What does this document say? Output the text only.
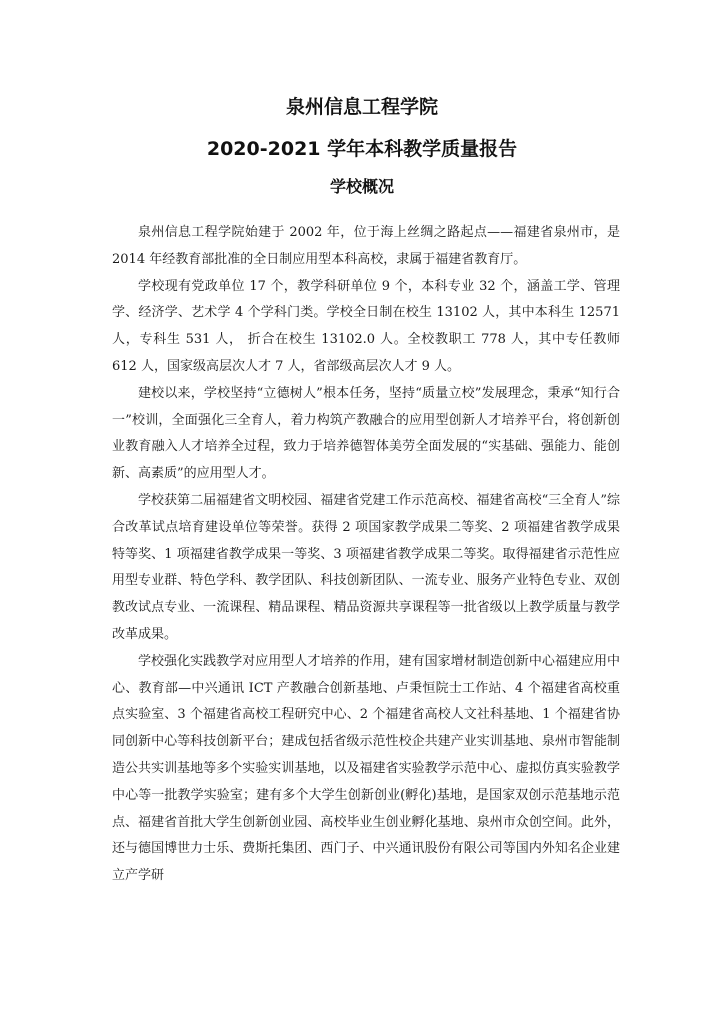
泉州信息工程学院
2020-2021 学年本科教学质量报告
学校概况

泉州信息工程学院始建于 2002 年，位于海上丝绸之路起点——福建省泉州市，是 2014 年经教育部批准的全日制应用型本科高校，隶属于福建省教育厅。

学校现有党政单位 17 个，教学科研单位 9 个，本科专业 32 个，涵盖工学、管理学、经济学、艺术学 4 个学科门类。学校全日制在校生 13102 人，其中本科生 12571 人，专科生 531 人， 折合在校生 13102.0 人。全校教职工 778 人，其中专任教师 612 人，国家级高层次人才 7 人，省部级高层次人才 9 人。

建校以来，学校坚持“立德树人”根本任务，坚持“质量立校”发展理念，秉承“知行合一”校训，全面强化三全育人，着力构筑产教融合的应用型创新人才培养平台，将创新创业教育融入人才培养全过程，致力于培养德智体美劳全面发展的“实基础、强能力、能创新、高素质”的应用型人才。

学校获第二届福建省文明校园、福建省党建工作示范高校、福建省高校“三全育人”综合改革试点培育建设单位等荣誉。获得 2 项国家教学成果二等奖、2 项福建省教学成果特等奖、1 项福建省教学成果一等奖、3 项福建省教学成果二等奖。取得福建省示范性应用型专业群、特色学科、教学团队、科技创新团队、一流专业、服务产业特色专业、双创教改试点专业、一流课程、精品课程、精品资源共享课程等一批省级以上教学质量与教学改革成果。

学校强化实践教学对应用型人才培养的作用，建有国家增材制造创新中心福建应用中心、教育部—中兴通讯 ICT 产教融合创新基地、卢秉恒院士工作站、4 个福建省高校重点实验室、3 个福建省高校工程研究中心、2 个福建省高校人文社科基地、1 个福建省协同创新中心等科技创新平台；建成包括省级示范性校企共建产业实训基地、泉州市智能制造公共实训基地等多个实验实训基地，以及福建省实验教学示范中心、虚拟仿真实验教学中心等一批教学实验室；建有多个大学生创新创业(孵化)基地，是国家双创示范基地示范点、福建省首批大学生创新创业园、高校毕业生创业孵化基地、泉州市众创空间。此外，还与德国博世力士乐、费斯托集团、西门子、中兴通讯股份有限公司等国内外知名企业建立产学研
